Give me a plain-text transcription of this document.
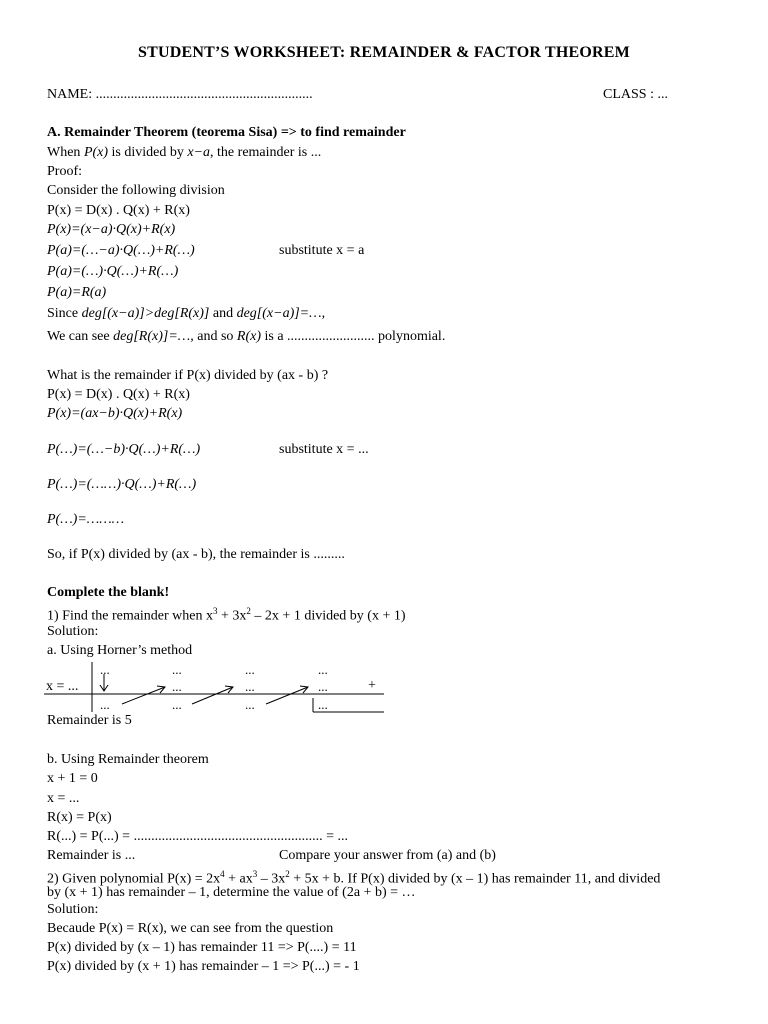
STUDENT’S WORKSHEET: REMAINDER & FACTOR THEOREM
NAME: ..............................................................	CLASS : ...
A. Remainder Theorem (teorema Sisa) => to find remainder
When P(x) is divided by x−a, the remainder is ...
Proof:
Consider the following division
P(x) = D(x) . Q(x) + R(x)
P(x)=(x−a)·Q(x)+R(x)
P(a)=(…−a)·Q(…)+R(…)	substitute x = a
P(a)=(…)·Q(…)+R(…)
P(a)=R(a)
Since deg[(x−a)]>deg[R(x)] and deg[(x−a)]=…,
We can see deg[R(x)]=…, and so R(x) is a ......................... polynomial.
What is the remainder if P(x) divided by (ax - b) ?
P(x) = D(x) . Q(x) + R(x)
P(x)=(ax−b)·Q(x)+R(x)
P(…)=(…−b)·Q(…)+R(…)	substitute x = ...
P(…)=(……)·Q(…)+R(…)
P(…)=………
So, if P(x) divided by (ax - b), the remainder is .........
Complete the blank!
1) Find the remainder when $x^3 + 3x^2 - 2x + 1$ divided by (x + 1)
Solution:
a. Using Horner’s method
...	...	...	...
x = ...	...	...	...	+
...	...	...	...
Remainder is 5
b. Using Remainder theorem
x + 1 = 0
x = ...
R(x) = P(x)
R(...) = P(...) = ...................................................... = ...
Remainder is ...	Compare your answer from (a) and (b)
2) Given polynomial $P(x) = 2x^4 + ax^3 - 3x^2 + 5x + b$. If P(x) divided by (x – 1) has remainder 11, and divided
by (x + 1) has remainder – 1, determine the value of (2a + b) = …
Solution:
Becaude P(x) = R(x), we can see from the question
P(x) divided by (x – 1) has remainder 11 => P(....) = 11
P(x) divided by (x + 1) has remainder – 1 => P(...) = - 1
